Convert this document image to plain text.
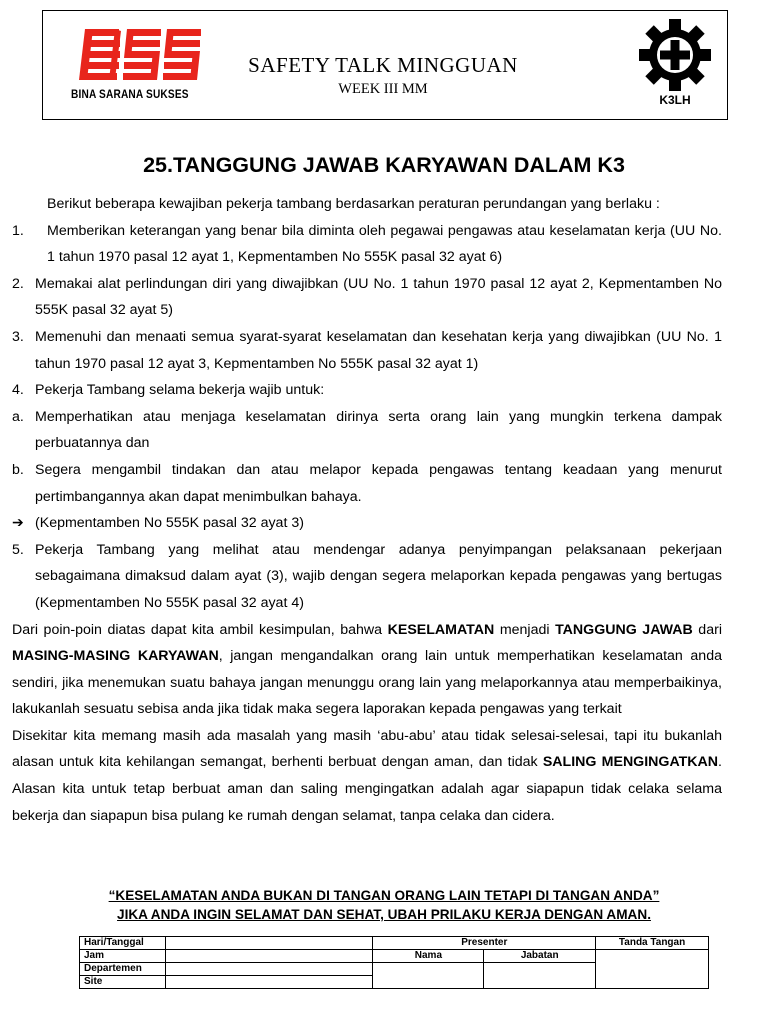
BINA SARANA SUKSES
SAFETY TALK MINGGUAN
WEEK III MM
K3LH
25.TANGGUNG JAWAB KARYAWAN DALAM K3
Berikut beberapa kewajiban pekerja tambang berdasarkan peraturan perundangan yang berlaku :
1. Memberikan keterangan yang benar bila diminta oleh pegawai pengawas atau keselamatan kerja (UU No. 1 tahun 1970 pasal 12 ayat 1, Kepmentamben No 555K pasal 32 ayat 6)
2. Memakai alat perlindungan diri yang diwajibkan (UU No. 1 tahun 1970 pasal 12 ayat 2, Kepmentamben No 555K pasal 32 ayat 5)
3. Memenuhi dan menaati semua syarat-syarat keselamatan dan kesehatan kerja yang diwajibkan (UU No. 1 tahun 1970 pasal 12 ayat 3, Kepmentamben No 555K pasal 32 ayat 1)
4. Pekerja Tambang selama bekerja wajib untuk:
a. Memperhatikan atau menjaga keselamatan dirinya serta orang lain yang mungkin terkena dampak perbuatannya dan
b. Segera mengambil tindakan dan atau melapor kepada pengawas tentang keadaan yang menurut pertimbangannya akan dapat menimbulkan bahaya.
➔ (Kepmentamben No 555K pasal 32 ayat 3)
5. Pekerja Tambang yang melihat atau mendengar adanya penyimpangan pelaksanaan pekerjaan sebagaimana dimaksud dalam ayat (3), wajib dengan segera melaporkan kepada pengawas yang bertugas (Kepmentamben No 555K pasal 32 ayat 4)
Dari poin-poin diatas dapat kita ambil kesimpulan, bahwa KESELAMATAN menjadi TANGGUNG JAWAB dari MASING-MASING KARYAWAN, jangan mengandalkan orang lain untuk memperhatikan keselamatan anda sendiri, jika menemukan suatu bahaya jangan menunggu orang lain yang melaporkannya atau memperbaikinya, lakukanlah sesuatu sebisa anda jika tidak maka segera laporakan kepada pengawas yang terkait
Disekitar kita memang masih ada masalah yang masih ‘abu-abu’ atau tidak selesai-selesai, tapi itu bukanlah alasan untuk kita kehilangan semangat, berhenti berbuat dengan aman, dan tidak SALING MENGINGATKAN. Alasan kita untuk tetap berbuat aman dan saling mengingatkan adalah agar siapapun tidak celaka selama bekerja dan siapapun bisa pulang ke rumah dengan selamat, tanpa celaka dan cidera.
“KESELAMATAN ANDA BUKAN DI TANGAN ORANG LAIN TETAPI DI TANGAN ANDA”
JIKA ANDA INGIN SELAMAT DAN SEHAT, UBAH PRILAKU KERJA DENGAN AMAN.
Hari/Tanggal		Presenter		Tanda Tangan
Jam		Nama	Jabatan	
Departemen				
Site				
